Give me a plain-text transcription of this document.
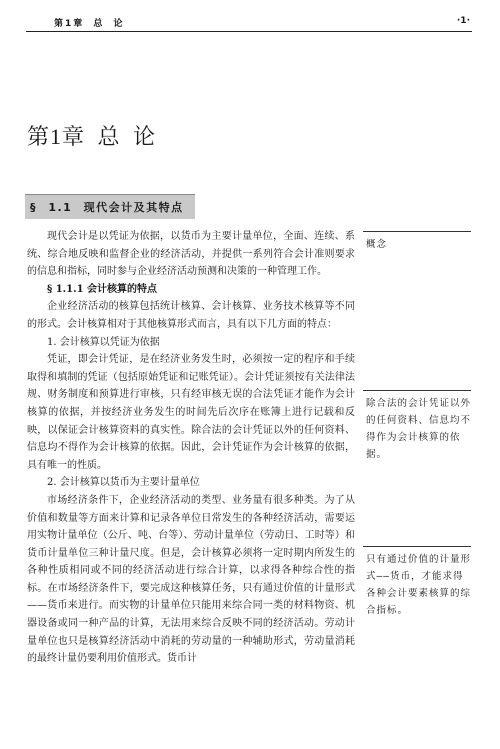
第1章 总 论	·1·
第1章 总 论
§ 1.1 现代会计及其特点

现代会计是以凭证为依据，以货币为主要计量单位，全面、连续、系统、综合地反映和监督企业的经济活动，并提供一系列符合会计准则要求的信息和指标，同时参与企业经济活动预测和决策的一种管理工作。

§ 1.1.1 会计核算的特点

企业经济活动的核算包括统计核算、会计核算、业务技术核算等不同的形式。会计核算相对于其他核算形式而言，具有以下几方面的特点：

1. 会计核算以凭证为依据

凭证，即会计凭证，是在经济业务发生时，必须按一定的程序和手续取得和填制的凭证（包括原始凭证和记账凭证）。会计凭证须按有关法律法规、财务制度和预算进行审核，只有经审核无误的合法凭证才能作为会计核算的依据，并按经济业务发生的时间先后次序在账簿上进行记载和反映，以保证会计核算资料的真实性。除合法的会计凭证以外的任何资料、信息均不得作为会计核算的依据。因此，会计凭证作为会计核算的依据，具有唯一的性质。

2. 会计核算以货币为主要计量单位

市场经济条件下，企业经济活动的类型、业务量有很多种类。为了从价值和数量等方面来计算和记录各单位日常发生的各种经济活动，需要运用实物计量单位（公斤、吨、台等）、劳动计量单位（劳动日、工时等）和货币计量单位三种计量尺度。但是，会计核算必须将一定时期内所发生的各种性质相同或不同的经济活动进行综合计算，以求得各种综合性的指标。在市场经济条件下，要完成这种核算任务，只有通过价值的计量形式——货币来进行。而实物的计量单位只能用来综合同一类的材料物资、机器设备或同一种产品的计算，无法用来综合反映不同的经济活动。劳动计量单位也只是核算经济活动中消耗的劳动量的一种辅助形式，劳动量消耗的最终计量仍要利用价值形式。货币计

概念
除合法的会计凭证以外的任何资料、信息均不得作为会计核算的依据。
只有通过价值的计量形式——货币，才能求得各种会计要素核算的综合指标。
